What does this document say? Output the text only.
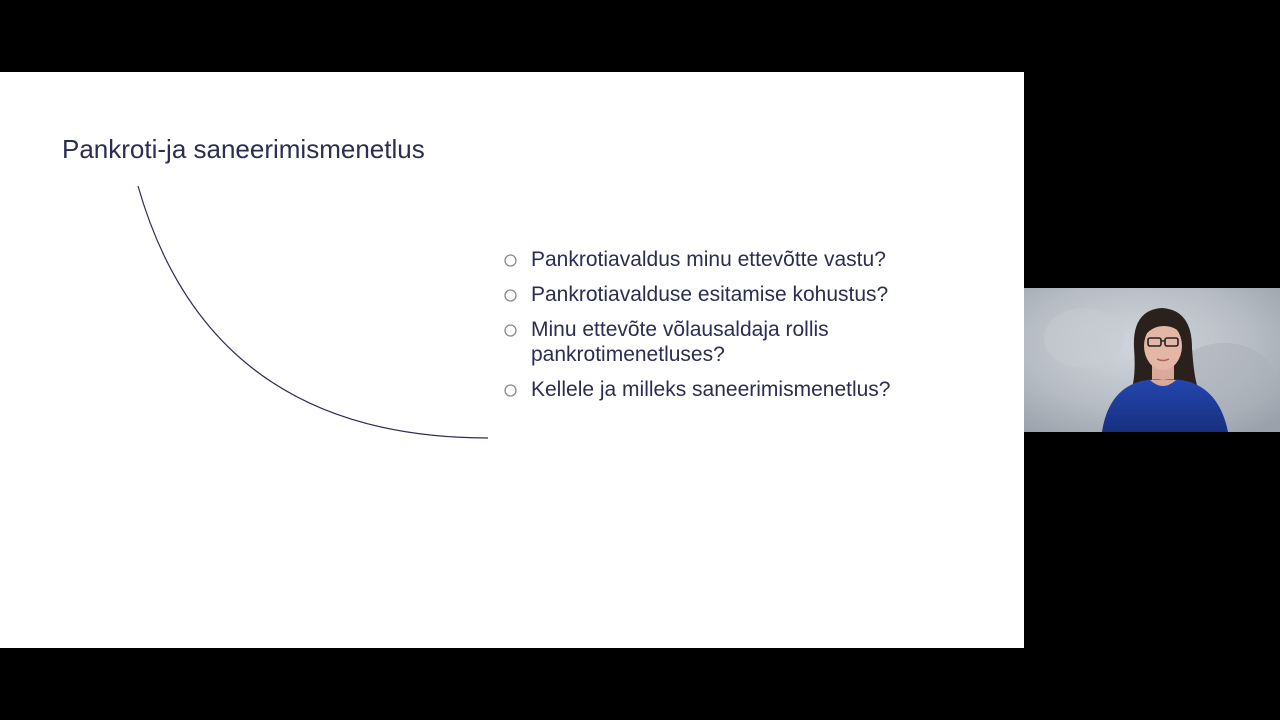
Pankroti-ja saneerimismenetlus
Pankrotiavaldus minu ettevõtte vastu?
Pankrotiavalduse esitamise kohustus?
Minu ettevõte võlausaldaja rollis pankrotimenetluses?
Kellele ja milleks saneerimismenetlus?
